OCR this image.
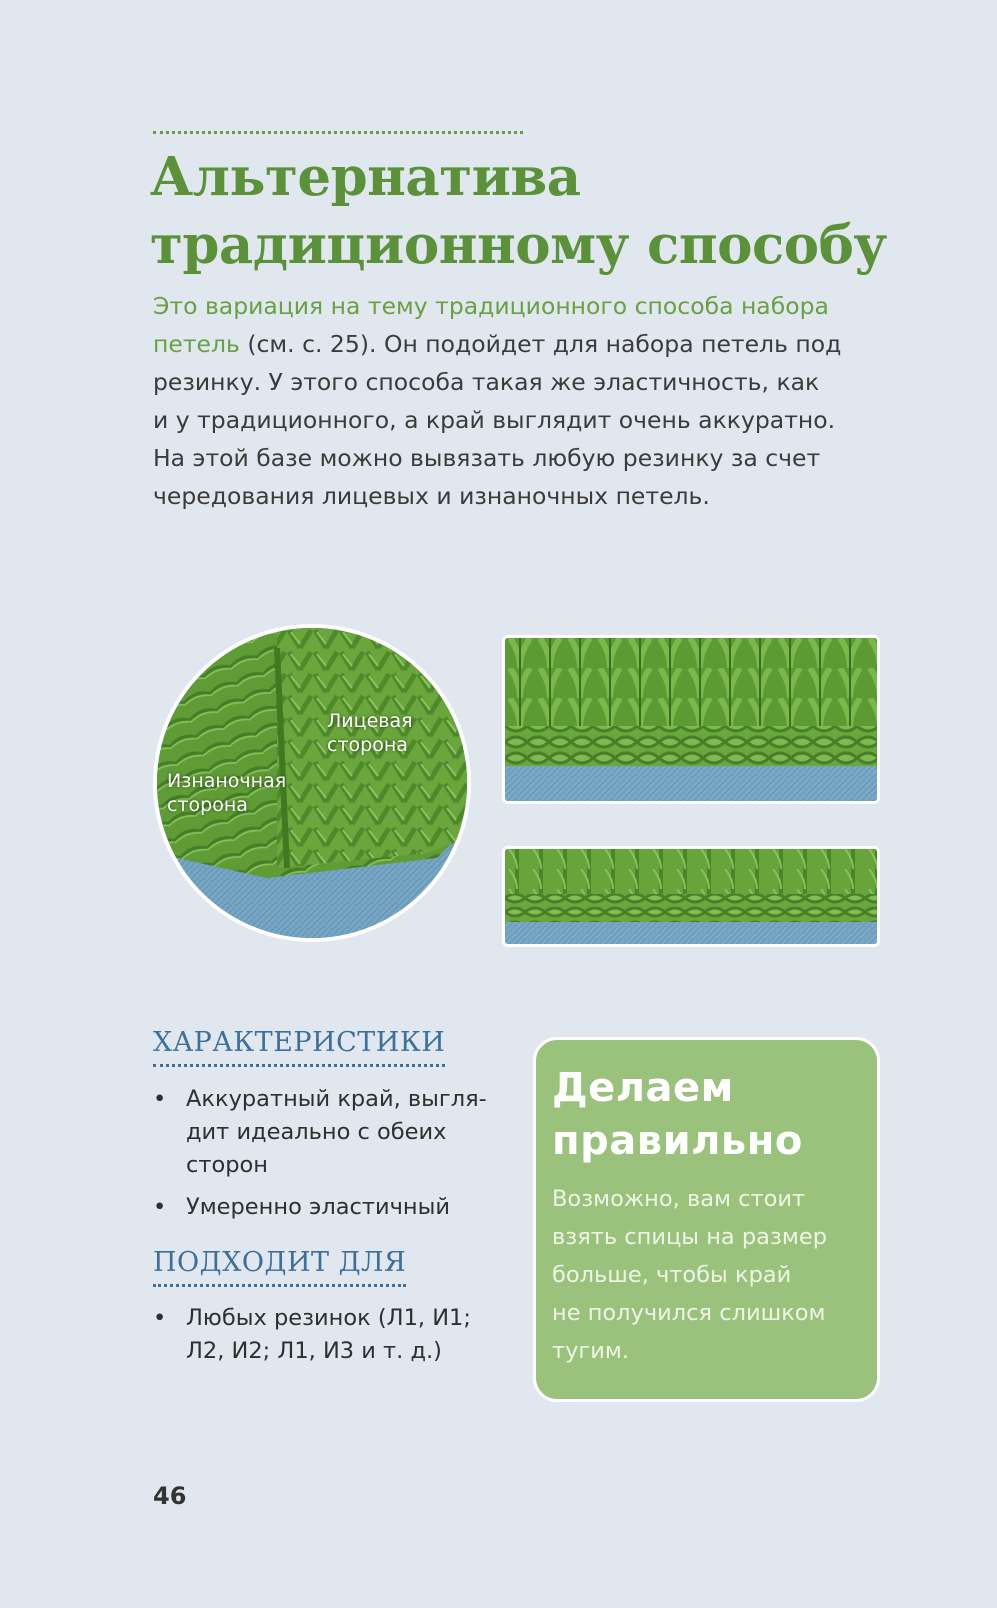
Альтернатива
традиционному способу
Это вариация на тему традиционного способа набора
петель (см. с. 25). Он подойдет для набора петель под
резинку. У этого способа такая же эластичность, как
и у традиционного, а край выглядит очень аккуратно.
На этой базе можно вывязать любую резинку за счет
чередования лицевых и изнаночных петель.
Лицевая
сторона
Изнаночная
сторона
ХАРАКТЕРИСТИКИ
• Аккуратный край, выгля-
дит идеально с обеих
сторон
• Умеренно эластичный
ПОДХОДИТ ДЛЯ
• Любых резинок (Л1, И1;
Л2, И2; Л1, И3 и т. д.)
Делаем
правильно
Возможно, вам стоит
взять спицы на размер
больше, чтобы край
не получился слишком
тугим.
46
